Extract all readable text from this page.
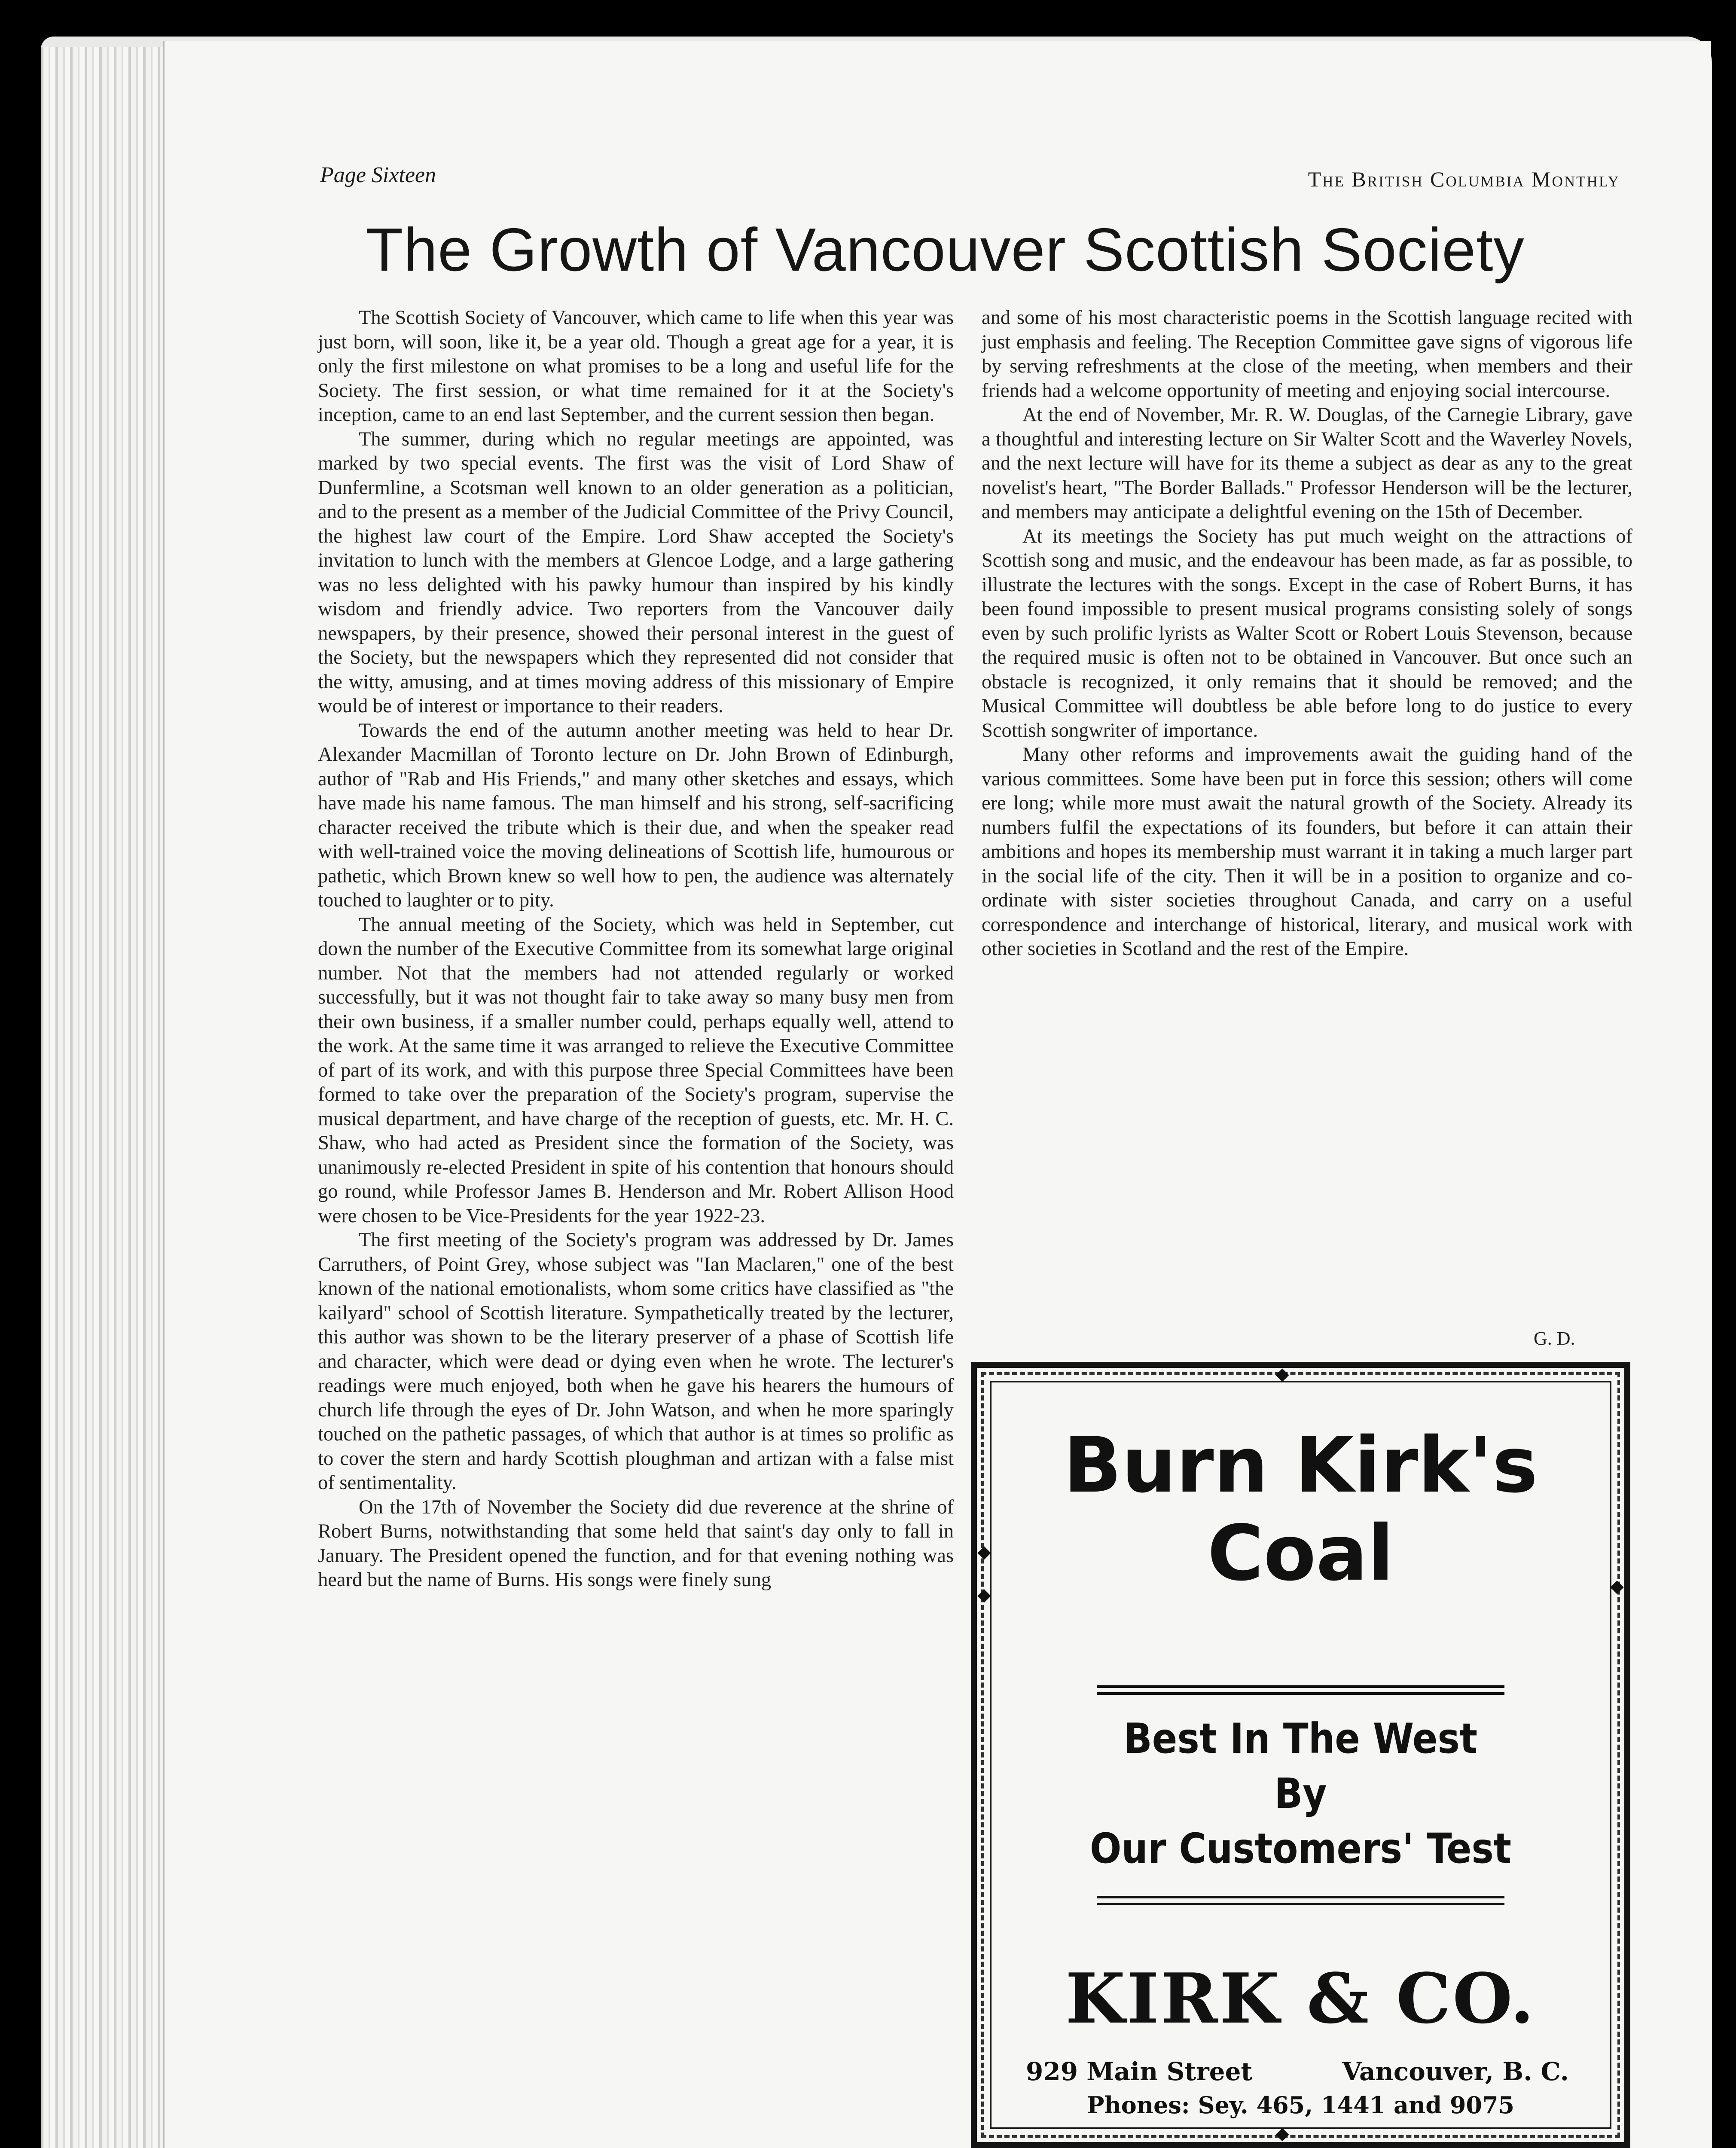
Page Sixteen	The British Columbia Monthly
The Growth of Vancouver Scottish Society

The Scottish Society of Vancouver, which came to life when this year was just born, will soon, like it, be a year old. Though a great age for a year, it is only the first milestone on what promises to be a long and useful life for the Society. The first session, or what time remained for it at the Society's inception, came to an end last September, and the current session then began.

The summer, during which no regular meetings are appointed, was marked by two special events. The first was the visit of Lord Shaw of Dunfermline, a Scotsman well known to an older generation as a politician, and to the present as a member of the Judicial Committee of the Privy Council, the highest law court of the Empire. Lord Shaw accepted the Society's invitation to lunch with the members at Glencoe Lodge, and a large gathering was no less delighted with his pawky humour than inspired by his kindly wisdom and friendly advice. Two reporters from the Vancouver daily newspapers, by their presence, showed their personal interest in the guest of the Society, but the newspapers which they represented did not consider that the witty, amusing, and at times moving address of this missionary of Empire would be of interest or importance to their readers.

Towards the end of the autumn another meeting was held to hear Dr. Alexander Macmillan of Toronto lecture on Dr. John Brown of Edinburgh, author of "Rab and His Friends," and many other sketches and essays, which have made his name famous. The man himself and his strong, self-sacrificing character received the tribute which is their due, and when the speaker read with well-trained voice the moving delineations of Scottish life, humourous or pathetic, which Brown knew so well how to pen, the audience was alternately touched to laughter or to pity.

The annual meeting of the Society, which was held in September, cut down the number of the Executive Committee from its somewhat large original number. Not that the members had not attended regularly or worked successfully, but it was not thought fair to take away so many busy men from their own business, if a smaller number could, perhaps equally well, attend to the work. At the same time it was arranged to relieve the Executive Committee of part of its work, and with this purpose three Special Committees have been formed to take over the preparation of the Society's program, supervise the musical department, and have charge of the reception of guests, etc. Mr. H. C. Shaw, who had acted as President since the formation of the Society, was unanimously re-elected President in spite of his contention that honours should go round, while Professor James B. Henderson and Mr. Robert Allison Hood were chosen to be Vice-Presidents for the year 1922-23.

The first meeting of the Society's program was addressed by Dr. James Carruthers, of Point Grey, whose subject was "Ian Maclaren," one of the best known of the national emotionalists, whom some critics have classified as "the kailyard" school of Scottish literature. Sympathetically treated by the lecturer, this author was shown to be the literary preserver of a phase of Scottish life and character, which were dead or dying even when he wrote. The lecturer's readings were much enjoyed, both when he gave his hearers the humours of church life through the eyes of Dr. John Watson, and when he more sparingly touched on the pathetic passages, of which that author is at times so prolific as to cover the stern and hardy Scottish ploughman and artizan with a false mist of sentimentality.

On the 17th of November the Society did due reverence at the shrine of Robert Burns, notwithstanding that some held that saint's day only to fall in January. The President opened the function, and for that evening nothing was heard but the name of Burns. His songs were finely sung

and some of his most characteristic poems in the Scottish language recited with just emphasis and feeling. The Reception Committee gave signs of vigorous life by serving refreshments at the close of the meeting, when members and their friends had a welcome opportunity of meeting and enjoying social intercourse.

At the end of November, Mr. R. W. Douglas, of the Carnegie Library, gave a thoughtful and interesting lecture on Sir Walter Scott and the Waverley Novels, and the next lecture will have for its theme a subject as dear as any to the great novelist's heart, "The Border Ballads." Professor Henderson will be the lecturer, and members may anticipate a delightful evening on the 15th of December.

At its meetings the Society has put much weight on the attractions of Scottish song and music, and the endeavour has been made, as far as possible, to illustrate the lectures with the songs. Except in the case of Robert Burns, it has been found impossible to present musical programs consisting solely of songs even by such prolific lyrists as Walter Scott or Robert Louis Stevenson, because the required music is often not to be obtained in Vancouver. But once such an obstacle is recognized, it only remains that it should be removed; and the Musical Committee will doubtless be able before long to do justice to every Scottish songwriter of importance.

Many other reforms and improvements await the guiding hand of the various committees. Some have been put in force this session; others will come ere long; while more must await the natural growth of the Society. Already its numbers fulfil the expectations of its founders, but before it can attain their ambitions and hopes its membership must warrant it in taking a much larger part in the social life of the city. Then it will be in a position to organize and co-ordinate with sister societies throughout Canada, and carry on a useful correspondence and interchange of historical, literary, and musical work with other societies in Scotland and the rest of the Empire.

G. D.
Burn Kirk's
Coal
Best In The West
By
Our Customers' Test
KIRK & CO.
929 Main Street	Vancouver, B. C.
Phones: Sey. 465, 1441 and 9075
